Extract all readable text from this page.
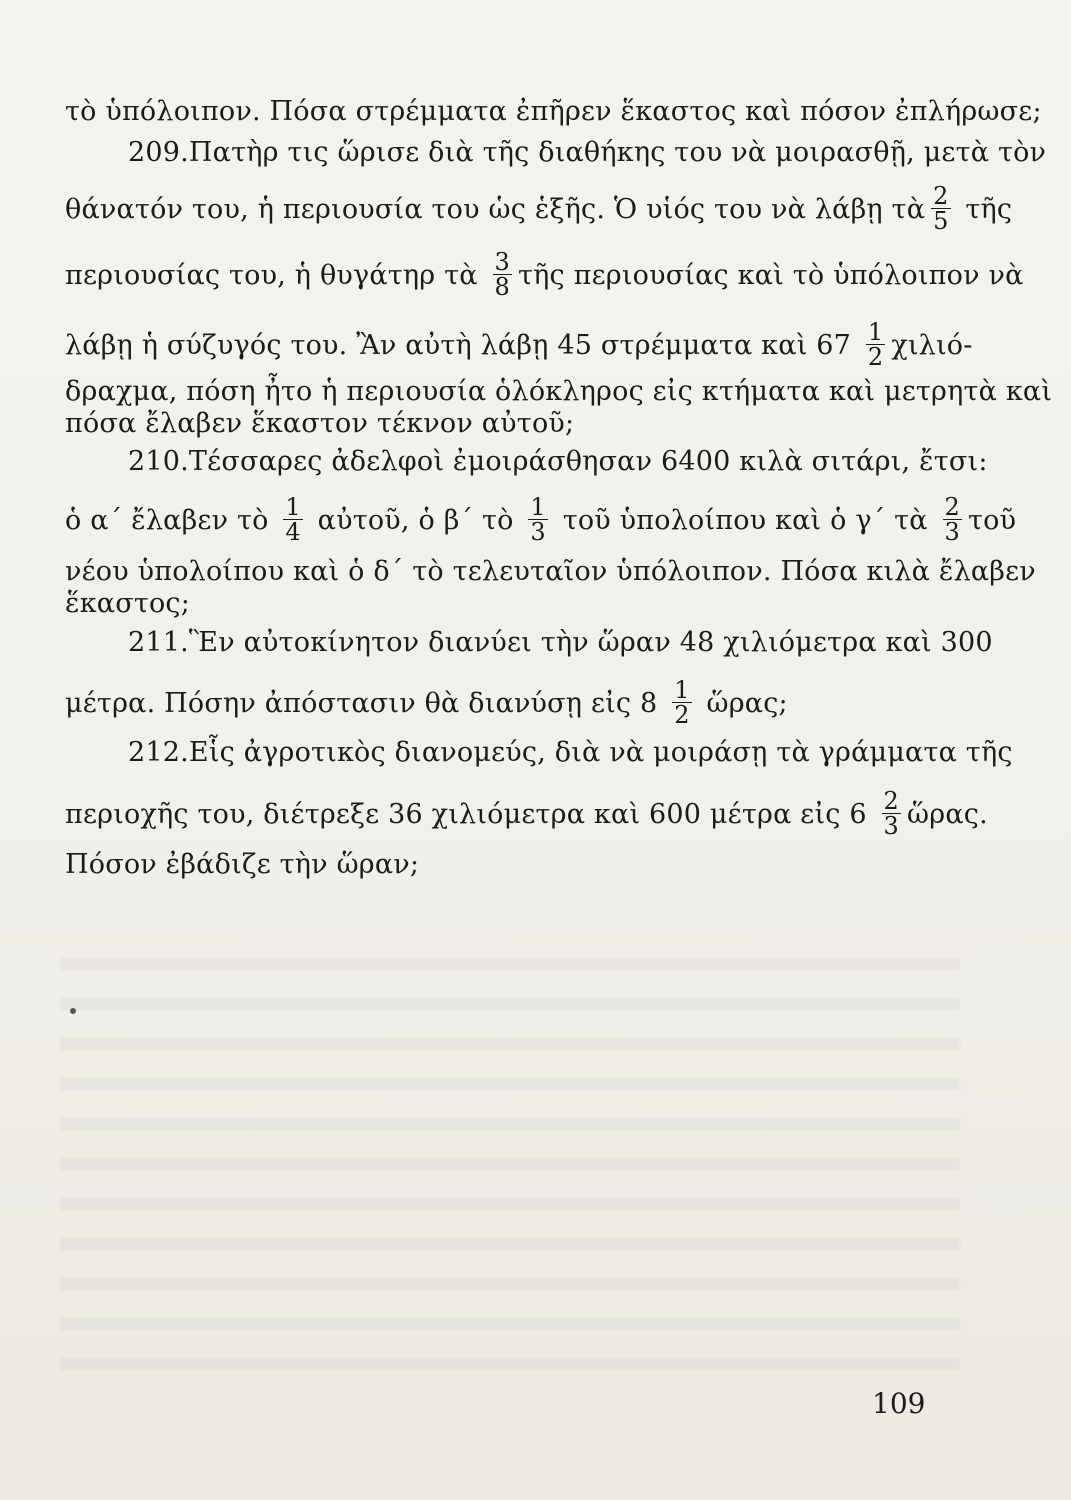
τὸ ὑπόλοιπον. Πόσα στρέμματα ἐπῆρεν ἕκαστος καὶ πόσον ἐπλήρωσε;
209. Πατὴρ τις ὥρισε διὰ τῆς διαθήκης του νὰ μοιρασθῇ, μετὰ τὸν
θάνατόν του, ἡ περιουσία του ὡς ἑξῆς. Ὁ υἱός του νὰ λάβῃ τὰ $\frac{2}{5}$ τῆς
περιουσίας του, ἡ θυγάτηρ τὰ $\frac{3}{8}$ τῆς περιουσίας καὶ τὸ ὑπόλοιπον νὰ
λάβῃ ἡ σύζυγός του. Ἂν αὐτὴ λάβῃ 45 στρέμματα καὶ $67 \frac{1}{2} \chi\iota\lambda\iota ό-$
δραχμα, πόση ἦτο ἡ περιουσία ὁλόκληρος εἰς κτήματα καὶ μετρητὰ καὶ
πόσα ἔλαβεν ἕκαστον τέκνον αὐτοῦ;
210. Τέσσαρες ἀδελφοὶ ἐμοιράσθησαν 6400 κιλὰ σιτάρι, ἔτσι:
ὁ α΄ ἔλαβεν τὸ $\frac{1}{4}$ αὐτοῦ, ὁ β΄ τὸ $\frac{1}{3}$ τοῦ ὑπολοίπου καὶ ὁ γ΄ τὰ $\frac{2}{3}$ τοῦ
νέου ὑπολοίπου καὶ ὁ δ΄ τὸ τελευταῖον ὑπόλοιπον. Πόσα κιλὰ ἔλαβεν
ἕκαστος;
211. Ἓν αὐτοκίνητον διανύει τὴν ὥραν 48 χιλιόμετρα καὶ 300
μέτρα. Πόσην ἀπόστασιν θὰ διανύσῃ εἰς $8 \frac{1}{2}$ ὥρας;
212. Εἷς ἀγροτικὸς διανομεύς, διὰ νὰ μοιράσῃ τὰ γράμματα τῆς
περιοχῆς του, διέτρεξε 36 χιλιόμετρα καὶ 600 μέτρα εἰς $6 \frac{2}{3}$ ὥρας.
Πόσον ἐβάδιζε τὴν ὥραν;
109
